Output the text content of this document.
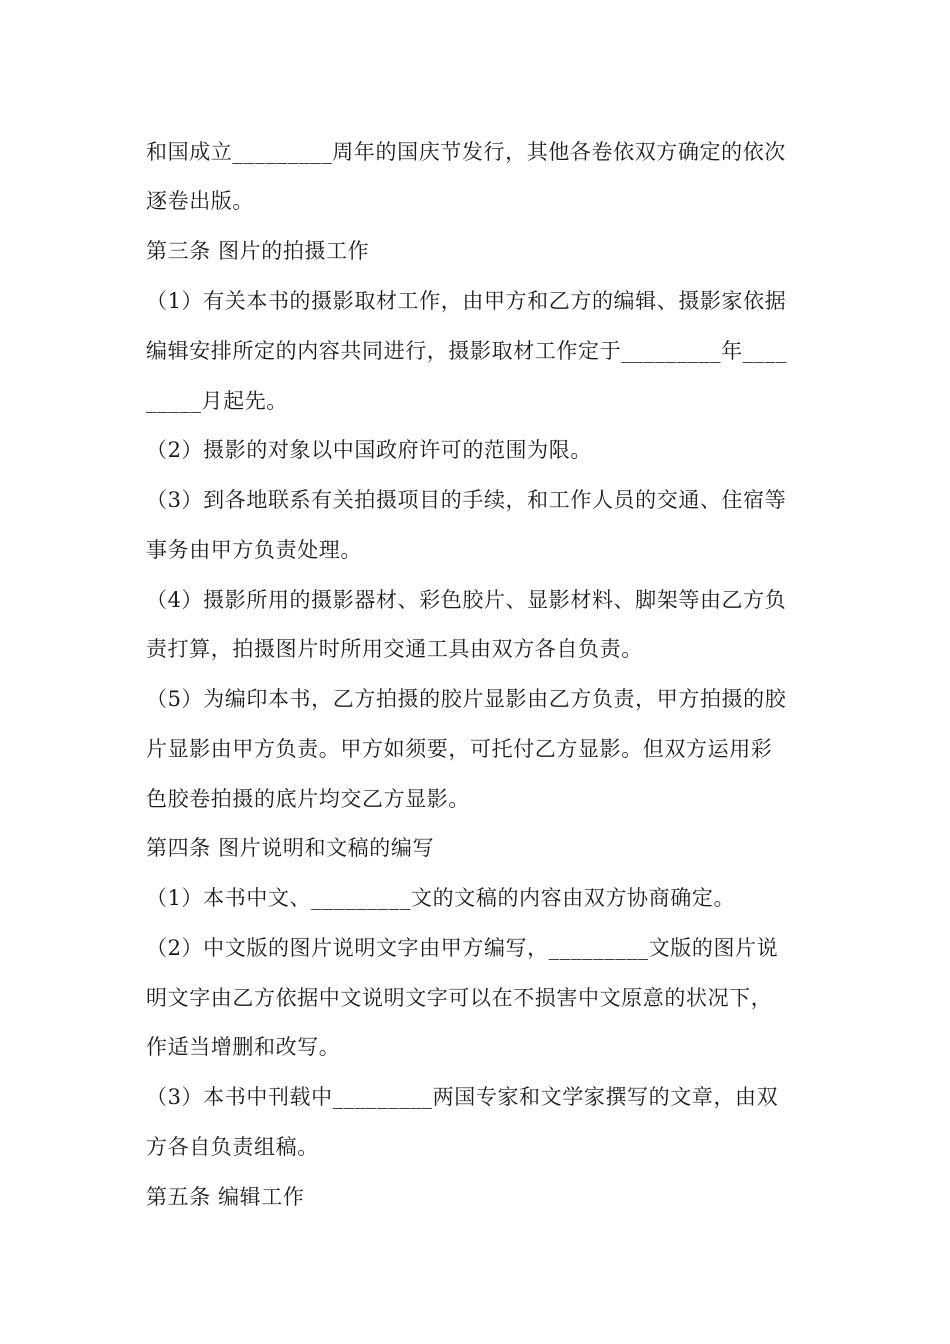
和国成立_________周年的国庆节发行，其他各卷依双方确定的依次
逐卷出版。
第三条 图片的拍摄工作
（1）有关本书的摄影取材工作，由甲方和乙方的编辑、摄影家依据
编辑安排所定的内容共同进行，摄影取材工作定于_________年____
_____月起先。
（2）摄影的对象以中国政府许可的范围为限。
（3）到各地联系有关拍摄项目的手续，和工作人员的交通、住宿等
事务由甲方负责处理。
（4）摄影所用的摄影器材、彩色胶片、显影材料、脚架等由乙方负
责打算，拍摄图片时所用交通工具由双方各自负责。
（5）为编印本书，乙方拍摄的胶片显影由乙方负责，甲方拍摄的胶
片显影由甲方负责。甲方如须要，可托付乙方显影。但双方运用彩
色胶卷拍摄的底片均交乙方显影。
第四条 图片说明和文稿的编写
（1）本书中文、_________文的文稿的内容由双方协商确定。
（2）中文版的图片说明文字由甲方编写，_________文版的图片说
明文字由乙方依据中文说明文字可以在不损害中文原意的状况下，
作适当增删和改写。
（3）本书中刊载中_________两国专家和文学家撰写的文章，由双
方各自负责组稿。
第五条 编辑工作
